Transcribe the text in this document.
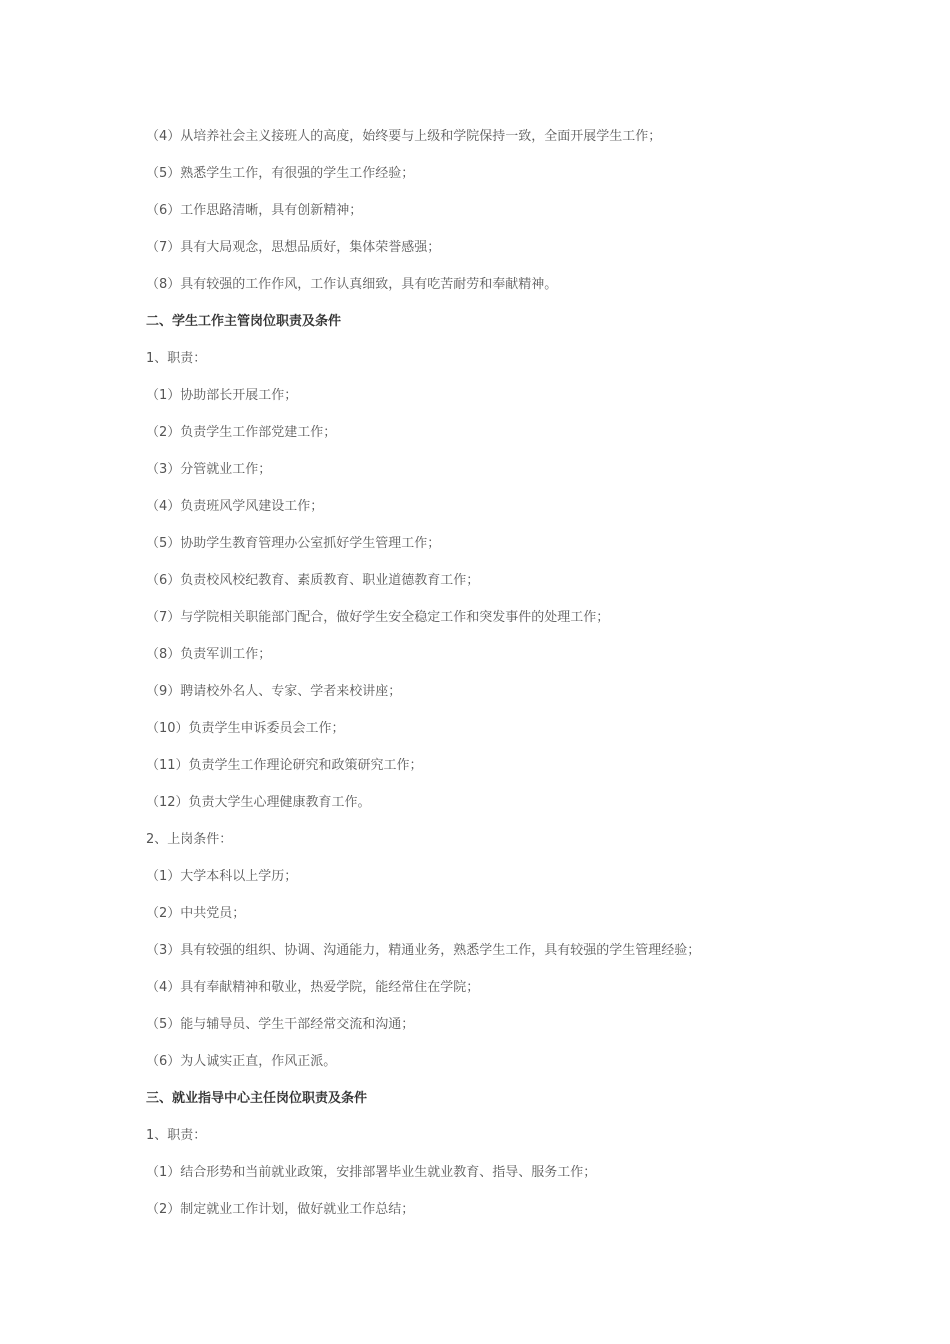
（4）从培养社会主义接班人的高度，始终要与上级和学院保持一致，全面开展学生工作；
（5）熟悉学生工作，有很强的学生工作经验；
（6）工作思路清晰，具有创新精神；
（7）具有大局观念，思想品质好，集体荣誉感强；
（8）具有较强的工作作风，工作认真细致，具有吃苦耐劳和奉献精神。
二、学生工作主管岗位职责及条件
1、职责：
（1）协助部长开展工作；
（2）负责学生工作部党建工作；
（3）分管就业工作；
（4）负责班风学风建设工作；
（5）协助学生教育管理办公室抓好学生管理工作；
（6）负责校风校纪教育、素质教育、职业道德教育工作；
（7）与学院相关职能部门配合，做好学生安全稳定工作和突发事件的处理工作；
（8）负责军训工作；
（9）聘请校外名人、专家、学者来校讲座；
（10）负责学生申诉委员会工作；
（11）负责学生工作理论研究和政策研究工作；
（12）负责大学生心理健康教育工作。
2、上岗条件：
（1）大学本科以上学历；
（2）中共党员；
（3）具有较强的组织、协调、沟通能力，精通业务，熟悉学生工作，具有较强的学生管理经验；
（4）具有奉献精神和敬业，热爱学院，能经常住在学院；
（5）能与辅导员、学生干部经常交流和沟通；
（6）为人诚实正直，作风正派。
三、就业指导中心主任岗位职责及条件
1、职责：
（1）结合形势和当前就业政策，安排部署毕业生就业教育、指导、服务工作；
（2）制定就业工作计划，做好就业工作总结；
